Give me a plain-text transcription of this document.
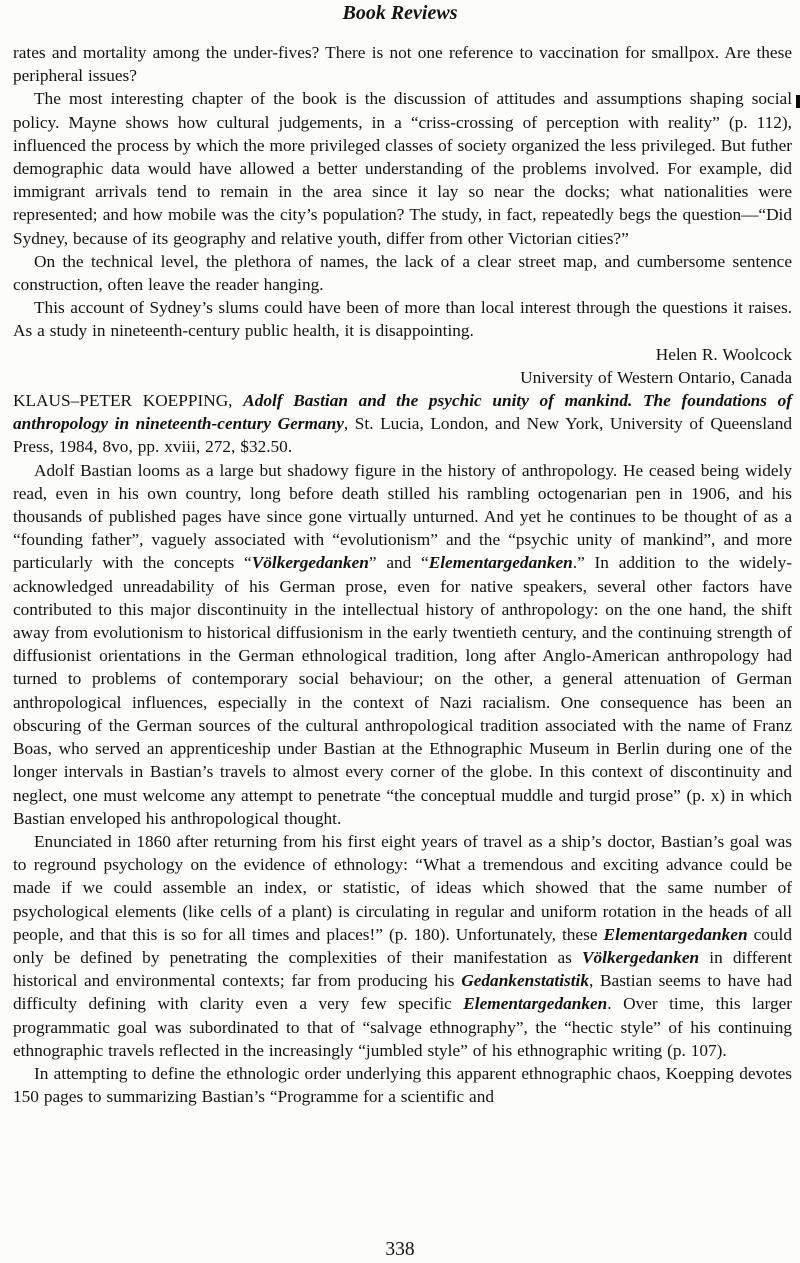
Book Reviews

rates and mortality among the under-fives? There is not one reference to vaccination for smallpox. Are these peripheral issues?

The most interesting chapter of the book is the discussion of attitudes and assumptions shaping social policy. Mayne shows how cultural judgements, in a “criss-crossing of perception with reality” (p. 112), influenced the process by which the more privileged classes of society organized the less privileged. But futher demographic data would have allowed a better understanding of the problems involved. For example, did immigrant arrivals tend to remain in the area since it lay so near the docks; what nationalities were represented; and how mobile was the city’s population? The study, in fact, repeatedly begs the question—“Did Sydney, because of its geography and relative youth, differ from other Victorian cities?”

On the technical level, the plethora of names, the lack of a clear street map, and cumbersome sentence construction, often leave the reader hanging.

This account of Sydney’s slums could have been of more than local interest through the questions it raises. As a study in nineteenth-century public health, it is disappointing.

Helen R. Woolcock
University of Western Ontario, Canada

KLAUS–PETER KOEPPING, Adolf Bastian and the psychic unity of mankind. The foundations of anthropology in nineteenth-century Germany, St. Lucia, London, and New York, University of Queensland Press, 1984, 8vo, pp. xviii, 272, $32.50.

Adolf Bastian looms as a large but shadowy figure in the history of anthropology. He ceased being widely read, even in his own country, long before death stilled his rambling octogenarian pen in 1906, and his thousands of published pages have since gone virtually unturned. And yet he continues to be thought of as a “founding father”, vaguely associated with “evolutionism” and the “psychic unity of mankind”, and more particularly with the concepts “Völkergedanken” and “Elementargedanken.” In addition to the widely-acknowledged unreadability of his German prose, even for native speakers, several other factors have contributed to this major discontinuity in the intellectual history of anthropology: on the one hand, the shift away from evolutionism to historical diffusionism in the early twentieth century, and the continuing strength of diffusionist orientations in the German ethnological tradition, long after Anglo-American anthropology had turned to problems of contemporary social behaviour; on the other, a general attenuation of German anthropological influences, especially in the context of Nazi racialism. One consequence has been an obscuring of the German sources of the cultural anthropological tradition associated with the name of Franz Boas, who served an apprenticeship under Bastian at the Ethnographic Museum in Berlin during one of the longer intervals in Bastian’s travels to almost every corner of the globe. In this context of discontinuity and neglect, one must welcome any attempt to penetrate “the conceptual muddle and turgid prose” (p. x) in which Bastian enveloped his anthropological thought.

Enunciated in 1860 after returning from his first eight years of travel as a ship’s doctor, Bastian’s goal was to reground psychology on the evidence of ethnology: “What a tremendous and exciting advance could be made if we could assemble an index, or statistic, of ideas which showed that the same number of psychological elements (like cells of a plant) is circulating in regular and uniform rotation in the heads of all people, and that this is so for all times and places!” (p. 180). Unfortunately, these Elementargedanken could only be defined by penetrating the complexities of their manifestation as Völkergedanken in different historical and environmental contexts; far from producing his Gedankenstatistik, Bastian seems to have had difficulty defining with clarity even a very few specific Elementargedanken. Over time, this larger programmatic goal was subordinated to that of “salvage ethnography”, the “hectic style” of his continuing ethnographic travels reflected in the increasingly “jumbled style” of his ethnographic writing (p. 107).

In attempting to define the ethnologic order underlying this apparent ethnographic chaos, Koepping devotes 150 pages to summarizing Bastian’s “Programme for a scientific and

338
